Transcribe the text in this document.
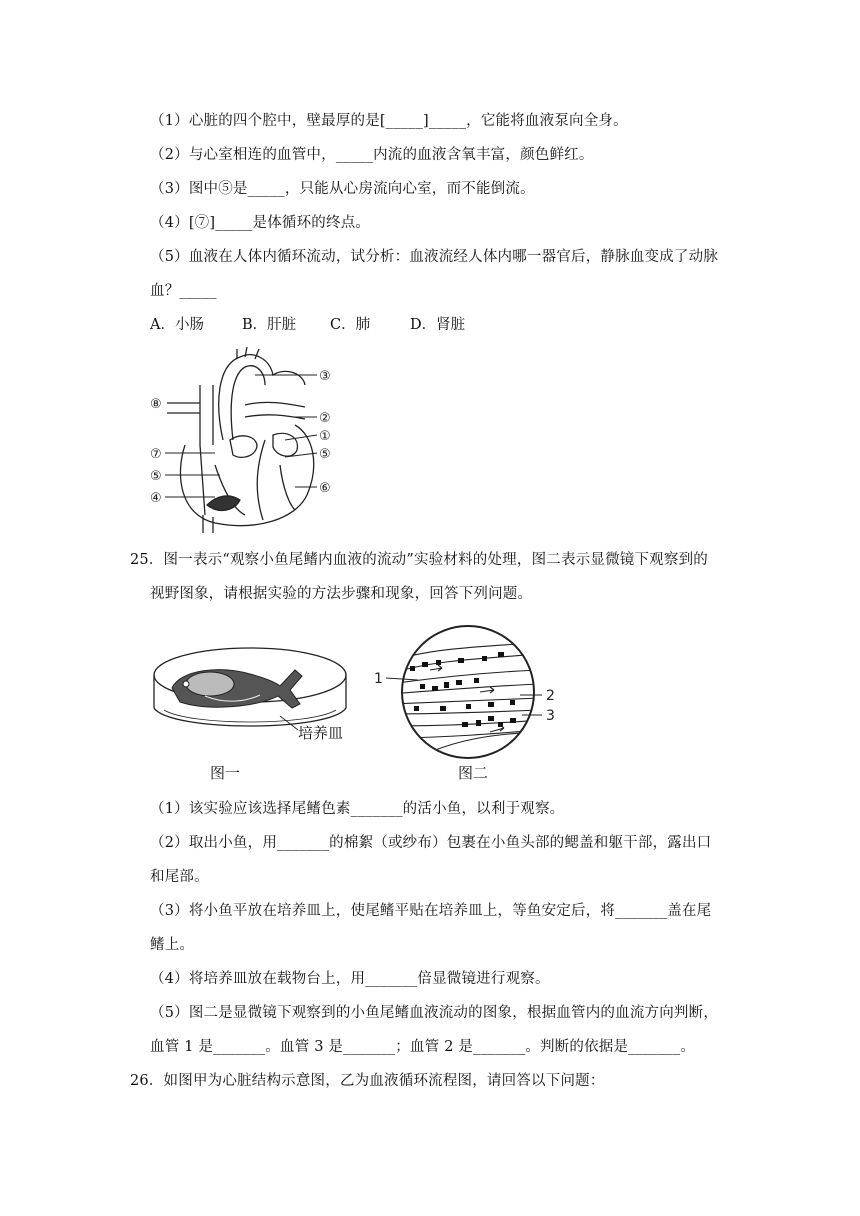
（1）心脏的四个腔中，壁最厚的是[_____]_____，它能将血液泵向全身。
（2）与心室相连的血管中，_____内流的血液含氧丰富，颜色鲜红。
（3）图中⑤是_____，只能从心房流向心室，而不能倒流。
（4）[⑦]_____是体循环的终点。
（5）血液在人体内循环流动，试分析：血液流经人体内哪一器官后，静脉血变成了动脉
血？_____
A．小肠	B．肝脏 C．肺	D．肾脏
③
⑧
②
①
⑦	⑤
⑤
④
⑥
25．图一表示“观察小鱼尾鳍内血液的流动”实验材料的处理，图二表示显微镜下观察到的
视野图象，请根据实验的方法步骤和现象，回答下列问题。
培养皿
图一
1
2
3
图二
（1）该实验应该选择尾鳍色素_______的活小鱼，以利于观察。
（2）取出小鱼，用_______的棉絮（或纱布）包裹在小鱼头部的鳃盖和躯干部，露出口
和尾部。
（3）将小鱼平放在培养皿上，使尾鳍平贴在培养皿上，等鱼安定后，将_______盖在尾
鳍上。
（4）将培养皿放在载物台上，用_______倍显微镜进行观察。
（5）图二是显微镜下观察到的小鱼尾鳍血液流动的图象，根据血管内的血流方向判断，
血管 1 是_______。血管 3 是_______；血管 2 是_______。判断的依据是_______。
26．如图甲为心脏结构示意图，乙为血液循环流程图，请回答以下问题：
